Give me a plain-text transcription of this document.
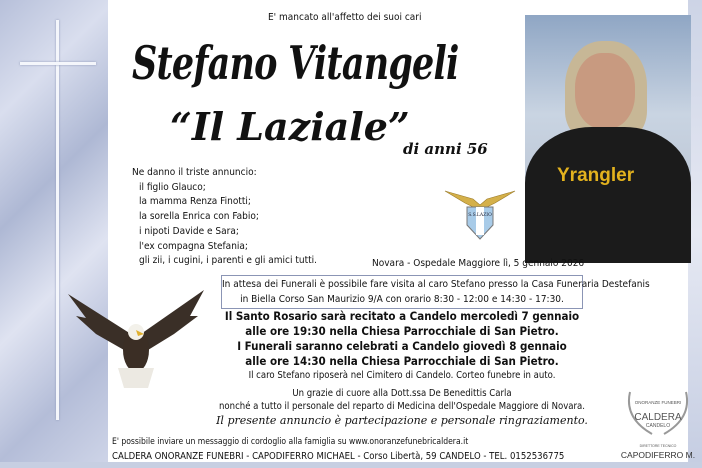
E' mancato all'affetto dei suoi cari
Stefano Vitangeli
“Il Laziale”
di anni 56
Ne danno il triste annuncio:
il figlio Glauco;
la mamma Renza Finotti;
la sorella Enrica con Fabio;
i nipoti Davide e Sara;
l'ex compagna Stefania;
gli zii, i cugini, i parenti e gli amici tutti.
S.S.LAZIO
Yrangler
Novara - Ospedale Maggiore lì, 5 gennaio 2026
In attesa dei Funerali è possibile fare visita al caro Stefano presso la Casa Funeraria Destefanis
in Biella Corso San Maurizio 9/A con orario 8:30 - 12:00 e 14:30 - 17:30.
Il Santo Rosario sarà recitato a Candelo mercoledì 7 gennaio
alle ore 19:30 nella Chiesa Parrocchiale di San Pietro.
I Funerali saranno celebrati a Candelo giovedì 8 gennaio
alle ore 14:30 nella Chiesa Parrocchiale di San Pietro.
Il caro Stefano riposerà nel Cimitero di Candelo. Corteo funebre in auto.
Un grazie di cuore alla Dott.ssa De Benedittis Carla
nonché a tutto il personale del reparto di Medicina dell'Ospedale Maggiore di Novara.
Il presente annuncio è partecipazione e personale ringraziamento.
E' possibile inviare un messaggio di cordoglio alla famiglia su www.onoranzefunebricaldera.it
CALDERA ONORANZE FUNEBRI - CAPODIFERRO MICHAEL - Corso Libertà, 59 CANDELO - TEL. 0152536775
ONORANZE FUNEBRI
CALDERA
CANDELO
DIRETTORE TECNICO
CAPODIFERRO M.
